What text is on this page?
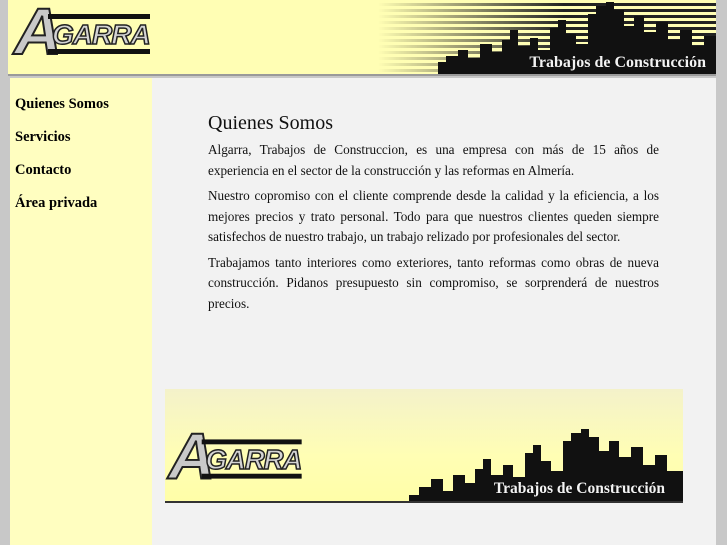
A
GARRA
Trabajos de Construcción
Quienes Somos
Servicios
Contacto
Área privada
Quienes Somos

Algarra, Trabajos de Construccion, es una empresa con más de 15 años de experiencia en el sector de la construcción y las reformas en Almería.

Nuestro copromiso con el cliente comprende desde la calidad y la eficiencia, a los mejores precios y trato personal. Todo para que nuestros clientes queden siempre satisfechos de nuestro trabajo, un trabajo relizado por profesionales del sector.

Trabajamos tanto interiores como exteriores, tanto reformas como obras de nueva construcción. Pidanos presupuesto sin compromiso, se sorprenderá de nuestros precios.

A
GARRA
Trabajos de Construcción
